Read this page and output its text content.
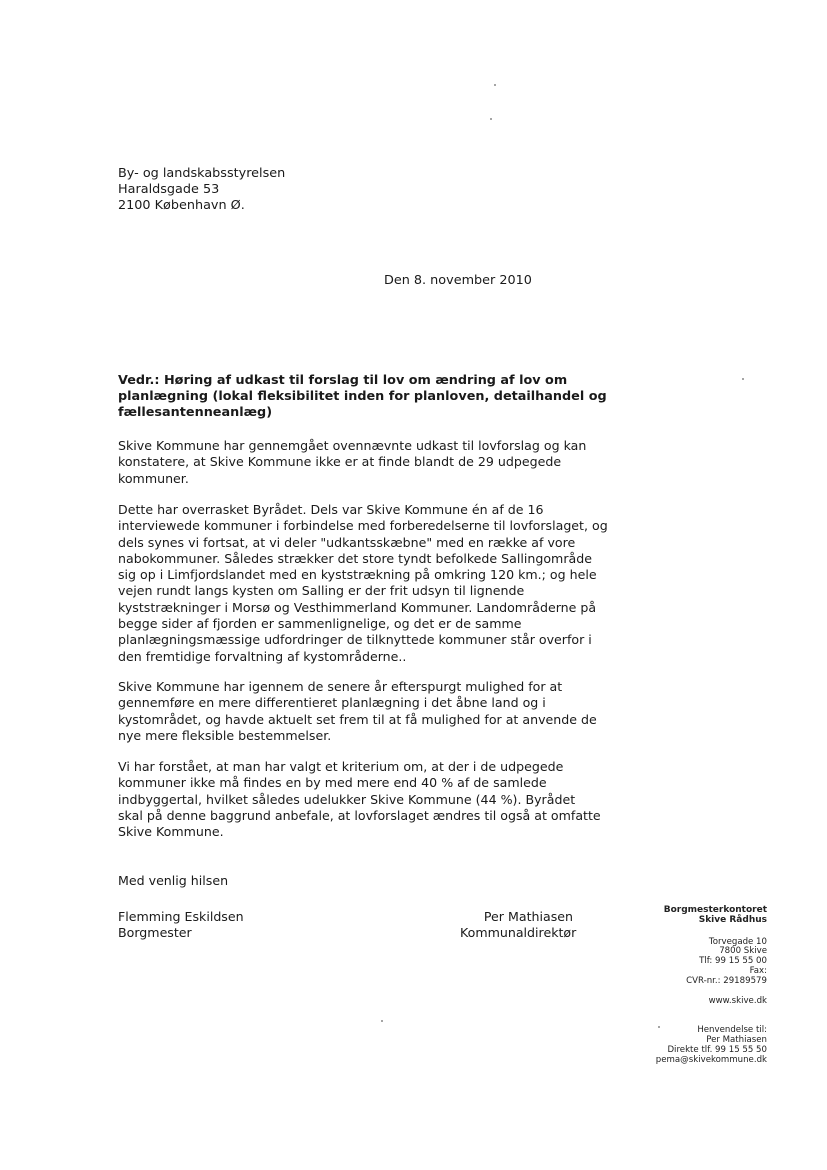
By- og landskabsstyrelsen
Haraldsgade 53
2100 København Ø.
Den 8. november 2010
Vedr.: Høring af udkast til forslag til lov om ændring af lov om
planlægning (lokal fleksibilitet inden for planloven, detailhandel og
fællesantenneanlæg)

Skive Kommune har gennemgået ovennævnte udkast til lovforslag og kan

konstatere, at Skive Kommune ikke er at finde blandt de 29 udpegede

kommuner.

Dette har overrasket Byrådet. Dels var Skive Kommune én af de 16

interviewede kommuner i forbindelse med forberedelserne til lovforslaget, og

dels synes vi fortsat, at vi deler "udkantsskæbne" med en række af vore

nabokommuner. Således strækker det store tyndt befolkede Sallingområde

sig op i Limfjordslandet med en kyststrækning på omkring 120 km.; og hele

vejen rundt langs kysten om Salling er der frit udsyn til lignende

kyststrækninger i Morsø og Vesthimmerland Kommuner. Landområderne på

begge sider af fjorden er sammenlignelige, og det er de samme

planlægningsmæssige udfordringer de tilknyttede kommuner står overfor i

den fremtidige forvaltning af kystområderne..

Skive Kommune har igennem de senere år efterspurgt mulighed for at

gennemføre en mere differentieret planlægning i det åbne land og i

kystområdet, og havde aktuelt set frem til at få mulighed for at anvende de

nye mere fleksible bestemmelser.

Vi har forstået, at man har valgt et kriterium om, at der i de udpegede

kommuner ikke må findes en by med mere end 40 % af de samlede

indbyggertal, hvilket således udelukker Skive Kommune (44 %). Byrådet

skal på denne baggrund anbefale, at lovforslaget ændres til også at omfatte

Skive Kommune.

Med venlig hilsen
Flemming Eskildsen
Borgmester
Per Mathiasen
Kommunaldirektør
Borgmesterkontoret
Skive Rådhus
Torvegade 10
7800 Skive
Tlf: 99 15 55 00
Fax:
CVR-nr.: 29189579
www.skive.dk
Henvendelse til:
Per Mathiasen
Direkte tlf. 99 15 55 50
pema@skivekommune.dk
